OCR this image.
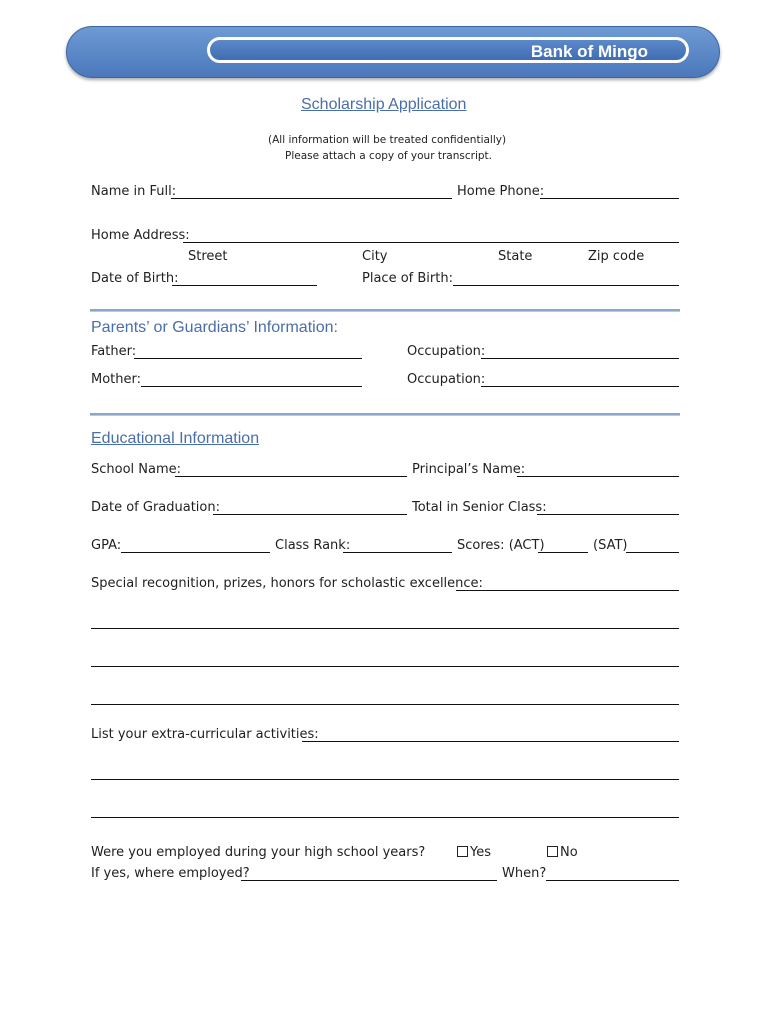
Bank of Mingo
Scholarship Application
(All information will be treated confidentially)
Please attach a copy of your transcript.
Name in Full:	Home Phone:
Home Address:
Street	City	State	Zip code
Date of Birth:	Place of Birth:
Parents’ or Guardians’ Information:
Father:	Occupation:
Mother:	Occupation:
Educational Information
School Name:	Principal’s Name:
Date of Graduation:	Total in Senior Class:
GPA:	Class Rank:	Scores: (ACT)	(SAT)
Special recognition, prizes, honors for scholastic excellence:
List your extra-curricular activities:
Were you employed during your high school years?	Yes	No
If yes, where employed?	When?
